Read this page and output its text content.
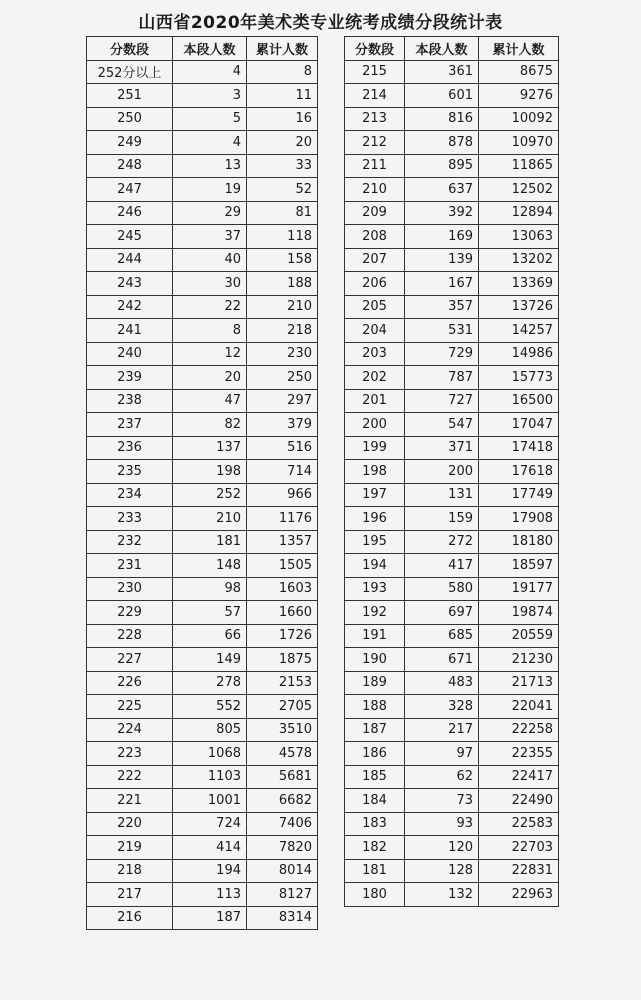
山西省2020年美术类专业统考成绩分段统计表
分数段	本段人数	累计人数
252分以上	4	8
251	3	11
250	5	16
249	4	20
248	13	33
247	19	52
246	29	81
245	37	118
244	40	158
243	30	188
242	22	210
241	8	218
240	12	230
239	20	250
238	47	297
237	82	379
236	137	516
235	198	714
234	252	966
233	210	1176
232	181	1357
231	148	1505
230	98	1603
229	57	1660
228	66	1726
227	149	1875
226	278	2153
225	552	2705
224	805	3510
223	1068	4578
222	1103	5681
221	1001	6682
220	724	7406
219	414	7820
218	194	8014
217	113	8127
216	187	8314
分数段	本段人数	累计人数
215	361	8675
214	601	9276
213	816	10092
212	878	10970
211	895	11865
210	637	12502
209	392	12894
208	169	13063
207	139	13202
206	167	13369
205	357	13726
204	531	14257
203	729	14986
202	787	15773
201	727	16500
200	547	17047
199	371	17418
198	200	17618
197	131	17749
196	159	17908
195	272	18180
194	417	18597
193	580	19177
192	697	19874
191	685	20559
190	671	21230
189	483	21713
188	328	22041
187	217	22258
186	97	22355
185	62	22417
184	73	22490
183	93	22583
182	120	22703
181	128	22831
180	132	22963
